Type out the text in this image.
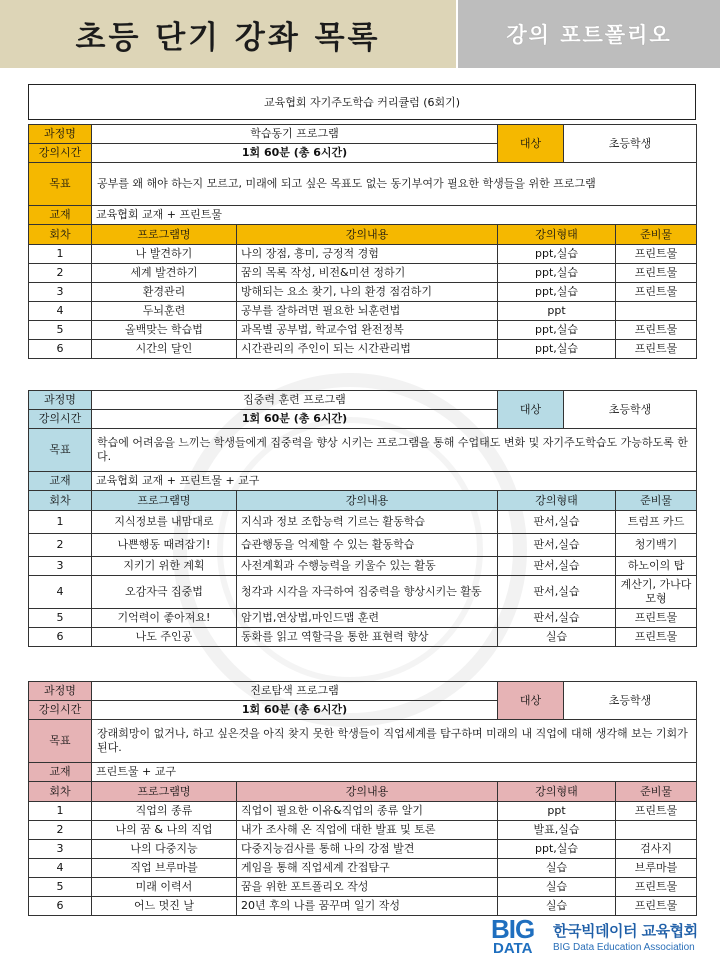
초등 단기 강좌 목록	강의 포트폴리오
교육협회 자기주도학습 커리큘럼 (6회기)
과정명	학습동기 프로그램		대상	초등학생	
강의시간	1회 60분 (총 6시간)				
목표	공부를 왜 해야 하는지 모르고, 미래에 되고 싶은 목표도 없는 동기부여가 필요한 학생들을 위한 프로그램				
교재	교육협회 교재 + 프린트물				
회차	프로그램명	강의내용	강의형태		준비물
1	나 발견하기	나의 장점, 흥미, 긍정적 경험	ppt,실습		프린트물
2	세계 발견하기	꿈의 목록 작성, 비전&미션 정하기	ppt,실습		프린트물
3	환경관리	방해되는 요소 찾기, 나의 환경 점검하기	ppt,실습		프린트물
4	두뇌훈련	공부를 잘하려면 필요한 뇌훈련법	ppt		
5	올백맞는 학습법	과목별 공부법, 학교수업 완전정복	ppt,실습		프린트물
6	시간의 달인	시간관리의 주인이 되는 시간관리법	ppt,실습		프린트물
과정명	집중력 훈련 프로그램		대상	초등학생	
강의시간	1회 60분 (총 6시간)				
목표	학습에 어려움을 느끼는 학생들에게 집중력을 향상 시키는 프로그램을 통해 수업태도 변화 및 자기주도학습도 가능하도록 한다.				
교재	교육협회 교재 + 프린트물 + 교구				
회차	프로그램명	강의내용	강의형태		준비물
1	지식정보를 내맘대로	지식과 정보 조합능력 기르는 활동학습	판서,실습		트럼프 카드
2	나쁜행동 때려잡기!	습관행동을 억제할 수 있는 활동학습	판서,실습		청기백기
3	지키기 위한 계획	사전계획과 수행능력을 키울수 있는 활동	판서,실습		하노이의 탑
4	오감자극 집중법	청각과 시각을 자극하여 집중력을 향상시키는 활동	판서,실습		계산기, 가나다모형
5	기억력이 좋아져요!	암기법,연상법,마인드맵 훈련	판서,실습		프린트물
6	나도 주인공	동화를 읽고 역할극을 통한 표현력 향상	실습		프린트물
과정명	진로탐색 프로그램		대상	초등학생	
강의시간	1회 60분 (총 6시간)				
목표	장래희망이 없거나, 하고 싶은것을 아직 찾지 못한 학생들이 직업세계를 탐구하며 미래의 내 직업에 대해 생각해 보는 기회가 된다.				
교재	프린트물 + 교구				
회차	프로그램명	강의내용	강의형태		준비물
1	직업의 종류	직업이 필요한 이유&직업의 종류 알기	ppt		프린트물
2	나의 꿈 & 나의 직업	내가 조사해 온 직업에 대한 발표 및 토론	발표,실습		
3	나의 다중지능	다중지능검사를 통해 나의 강점 발견	ppt,실습		검사지
4	직업 브루마블	게임을 통해 직업세계 간접탐구	실습		브루마블
5	미래 이력서	꿈을 위한 포트폴리오 작성	실습		프린트물
6	어느 멋진 날	20년 후의 나를 꿈꾸며 일기 작성	실습		프린트물
BIG
DATA
한국빅데이터 교육협회
BIG Data Education Association
